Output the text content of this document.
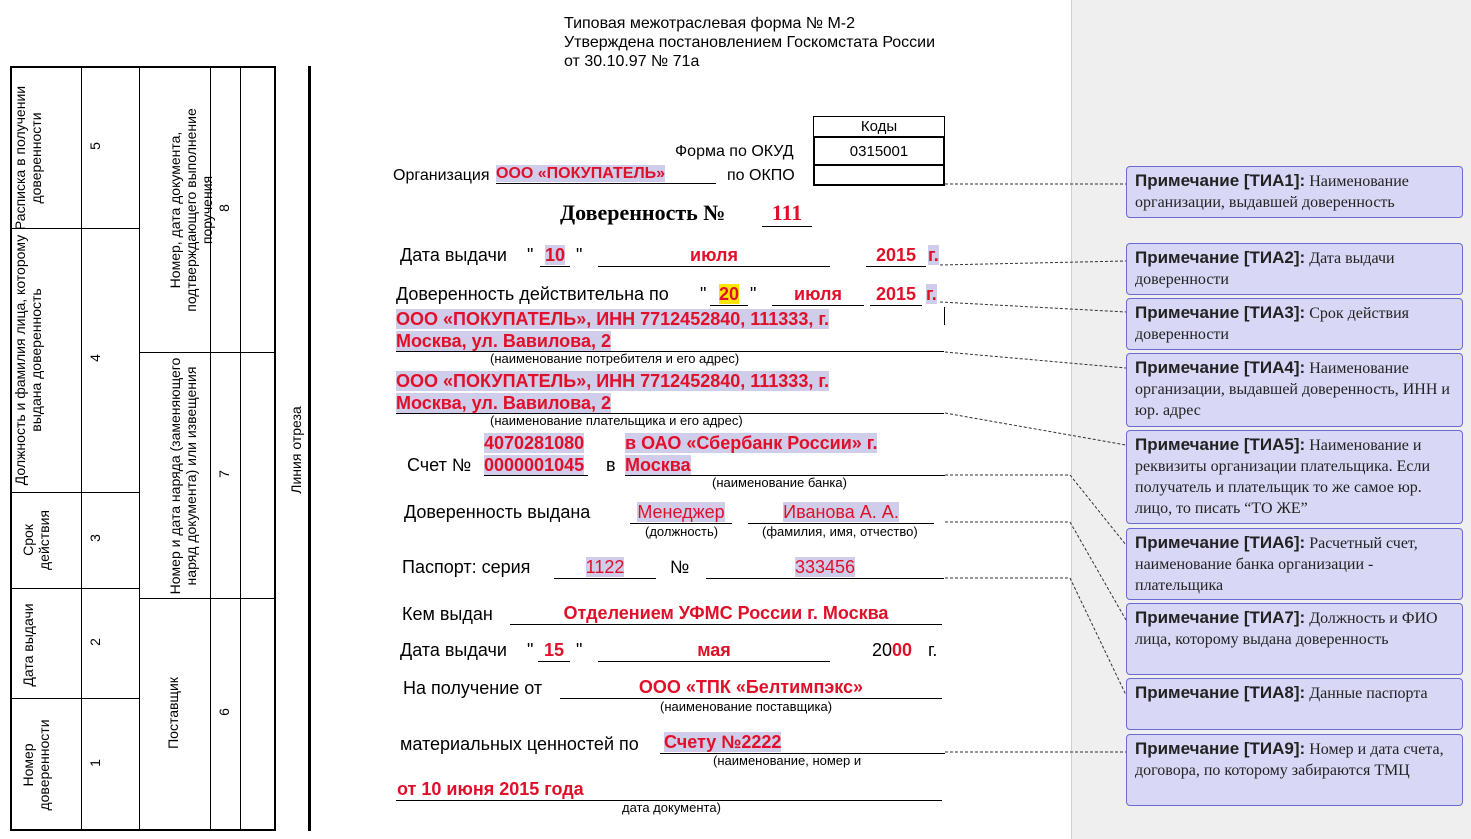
Типовая межотраслевая форма № М-2
Утверждена постановлением Госкомстата России
от 30.10.97 № 71а
Коды
0315001
Форма по ОКУД
по ОКПО
Организация ООО «ПОКУПАТЕЛЬ»
Доверенность №	111
Дата выдачи " 10 "	июля	2015 г.
Доверенность действительна по " 20 "	июля	2015 г.
ООО «ПОКУПАТЕЛЬ», ИНН 7712452840, 111333, г.
Москва, ул. Вавилова, 2
(наименование потребителя и его адрес)
ООО «ПОКУПАТЕЛЬ», ИНН 7712452840, 111333, г.
Москва, ул. Вавилова, 2
(наименование плательщика и его адрес)
Счет №
4070281080
0000001045 в
в ОАО «Сбербанк России» г.
Москва
(наименование банка)
Доверенность выдана	Менеджер	Иванова А. А.
(должность)	(фамилия, имя, отчество)
Паспорт: серия	1122	№	333456
Кем выдан	Отделением УФМС России г. Москва
Дата выдачи " 15 "	мая	2000 г.
На получение от	ООО «ТПК «Белтимпэкс»
(наименование поставщика)
материальных ценностей по Счету №2222
(наименование, номер и
от 10 июня 2015 года
дата документа)
Линия отреза
Расписка в получении доверенности	5
Должность и фамилия лица, которому выдана доверенность	4
Срок действия	3
Дата выдачи	2
Номер доверенности	1
Номер, дата документа, подтверждающего выполнение поручения 8
Номер и дата наряда (заменяющего наряд документа) или извещения	7
Поставщик	6
Примечание [ТИА1]: Наименование организации, выдавшей доверенность
Примечание [ТИА2]: Дата выдачи доверенности
Примечание [ТИА3]: Срок действия доверенности
Примечание [ТИА4]: Наименование организации, выдавшей доверенность, ИНН и юр. адрес
Примечание [ТИА5]: Наименование и реквизиты организации плательщика. Если получатель и плательщик то же самое юр. лицо, то писать “ТО ЖЕ”
Примечание [ТИА6]: Расчетный счет, наименование банка организации - плательщика
Примечание [ТИА7]: Должность и ФИО лица, которому выдана доверенность
Примечание [ТИА8]: Данные паспорта
Примечание [ТИА9]: Номер и дата счета, договора, по которому забираются ТМЦ
